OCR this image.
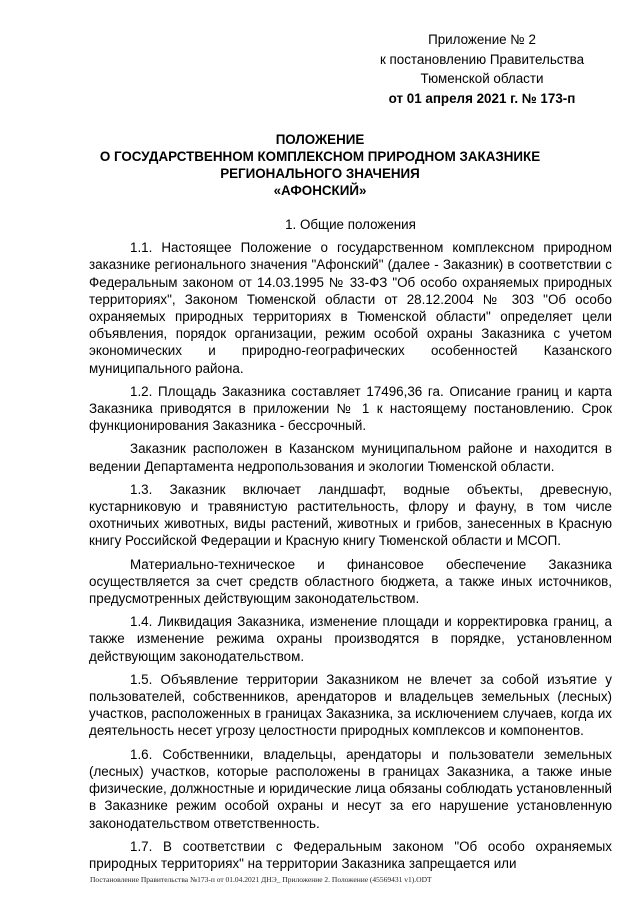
Приложение № 2
к постановлению Правительства
Тюменской области
от 01 апреля 2021 г. № 173-п
ПОЛОЖЕНИЕ
О ГОСУДАРСТВЕННОМ КОМПЛЕКСНОМ ПРИРОДНОМ ЗАКАЗНИКЕ
РЕГИОНАЛЬНОГО ЗНАЧЕНИЯ
«АФОНСКИЙ»
1. Общие положения

1.1. Настоящее Положение о государственном комплексном природном заказнике регионального значения "Афонский" (далее - Заказник) в соответствии с Федеральным законом от 14.03.1995 № 33-ФЗ "Об особо охраняемых природных территориях", Законом Тюменской области от 28.12.2004 № 303 "Об особо охраняемых природных территориях в Тюменской области" определяет цели объявления, порядок организации, режим особой охраны Заказника с учетом экономических и природно-географических особенностей Казанского муниципального района.

1.2. Площадь Заказника составляет 17496,36 га. Описание границ и карта Заказника приводятся в приложении № 1 к настоящему постановлению. Срок функционирования Заказника - бессрочный.

Заказник расположен в Казанском муниципальном районе и находится в ведении Департамента недропользования и экологии Тюменской области.

1.3. Заказник включает ландшафт, водные объекты, древесную, кустарниковую и травянистую растительность, флору и фауну, в том числе охотничьих животных, виды растений, животных и грибов, занесенных в Красную книгу Российской Федерации и Красную книгу Тюменской области и МСОП.

Материально-техническое и финансовое обеспечение Заказника осуществляется за счет средств областного бюджета, а также иных источников, предусмотренных действующим законодательством.

1.4. Ликвидация Заказника, изменение площади и корректировка границ, а также изменение режима охраны производятся в порядке, установленном действующим законодательством.

1.5. Объявление территории Заказником не влечет за собой изъятие у пользователей, собственников, арендаторов и владельцев земельных (лесных) участков, расположенных в границах Заказника, за исключением случаев, когда их деятельность несет угрозу целостности природных комплексов и компонентов.

1.6. Собственники, владельцы, арендаторы и пользователи земельных (лесных) участков, которые расположены в границах Заказника, а также иные физические, должностные и юридические лица обязаны соблюдать установленный в Заказнике режим особой охраны и несут за его нарушение установленную законодательством ответственность.

1.7. В соответствии с Федеральным законом "Об особо охраняемых природных территориях" на территории Заказника запрещается или

Постановление Правительства №173-п от 01.04.2021 ДНЭ_ Приложение 2. Положение (45569431 v1).ODT
